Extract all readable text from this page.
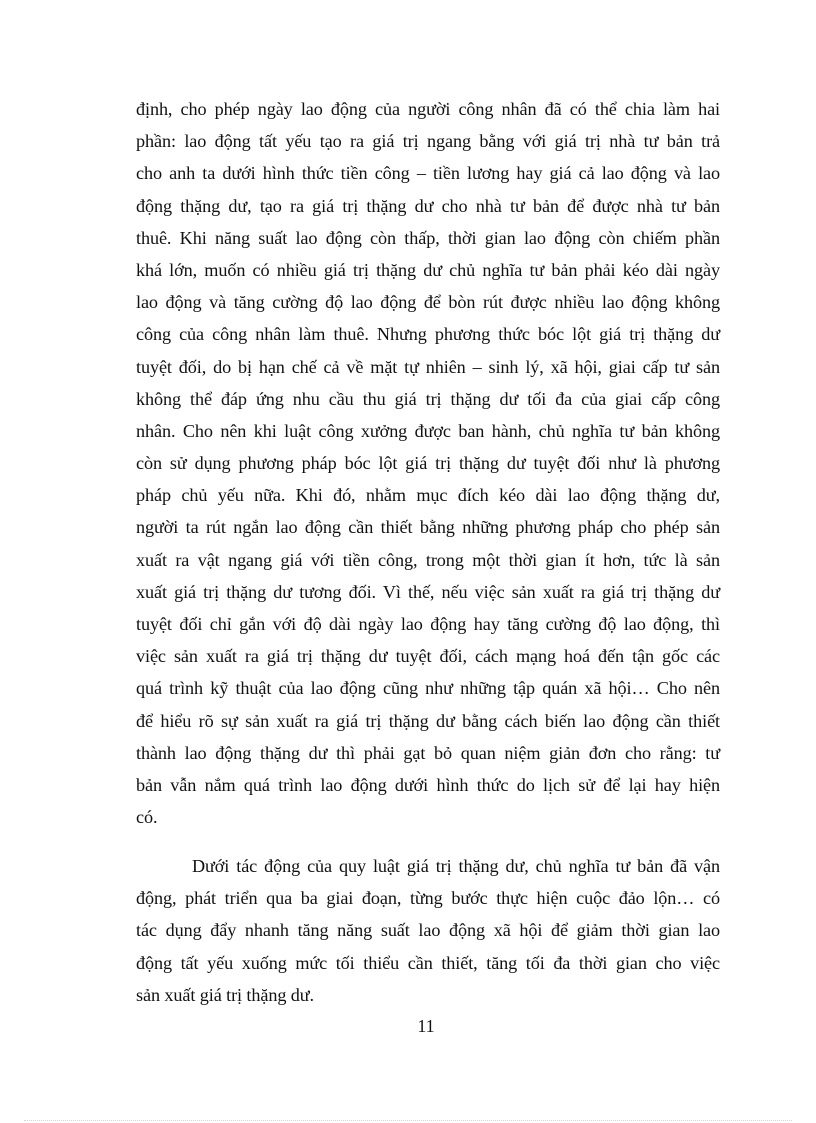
định, cho phép ngày lao động của người công nhân đã có thể chia làm hai
phần: lao động tất yếu tạo ra giá trị ngang bằng với giá trị nhà tư bản trả
cho anh ta dưới hình thức tiền công – tiền lương hay giá cả lao động và lao
động thặng dư, tạo ra giá trị thặng dư cho nhà tư bản để được nhà tư bản
thuê. Khi năng suất lao động còn thấp, thời gian lao động còn chiếm phần
khá lớn, muốn có nhiều giá trị thặng dư chủ nghĩa tư bản phải kéo dài ngày
lao động và tăng cường độ lao động để bòn rút được nhiều lao động không
công của công nhân làm thuê. Nhưng phương thức bóc lột giá trị thặng dư
tuyệt đối, do bị hạn chế cả về mặt tự nhiên – sinh lý, xã hội, giai cấp tư sản
không thể đáp ứng nhu cầu thu giá trị thặng dư tối đa của giai cấp công
nhân. Cho nên khi luật công xưởng được ban hành, chủ nghĩa tư bản không
còn sử dụng phương pháp bóc lột giá trị thặng dư tuyệt đối như là phương
pháp chủ yếu nữa. Khi đó, nhằm mục đích kéo dài lao động thặng dư,
người ta rút ngắn lao động cần thiết bằng những phương pháp cho phép sản
xuất ra vật ngang giá với tiền công, trong một thời gian ít hơn, tức là sản
xuất giá trị thặng dư tương đối. Vì thế, nếu việc sản xuất ra giá trị thặng dư
tuyệt đối chỉ gắn với độ dài ngày lao động hay tăng cường độ lao động, thì
việc sản xuất ra giá trị thặng dư tuyệt đối, cách mạng hoá đến tận gốc các
quá trình kỹ thuật của lao động cũng như những tập quán xã hội… Cho nên
để hiểu rõ sự sản xuất ra giá trị thặng dư bằng cách biến lao động cần thiết
thành lao động thặng dư thì phải gạt bỏ quan niệm giản đơn cho rằng: tư
bản vẫn nắm quá trình lao động dưới hình thức do lịch sử để lại hay hiện
có.
Dưới tác động của quy luật giá trị thặng dư, chủ nghĩa tư bản đã vận
động, phát triển qua ba giai đoạn, từng bước thực hiện cuộc đảo lộn… có
tác dụng đẩy nhanh tăng năng suất lao động xã hội để giảm thời gian lao
động tất yếu xuống mức tối thiểu cần thiết, tăng tối đa thời gian cho việc
sản xuất giá trị thặng dư.
11
